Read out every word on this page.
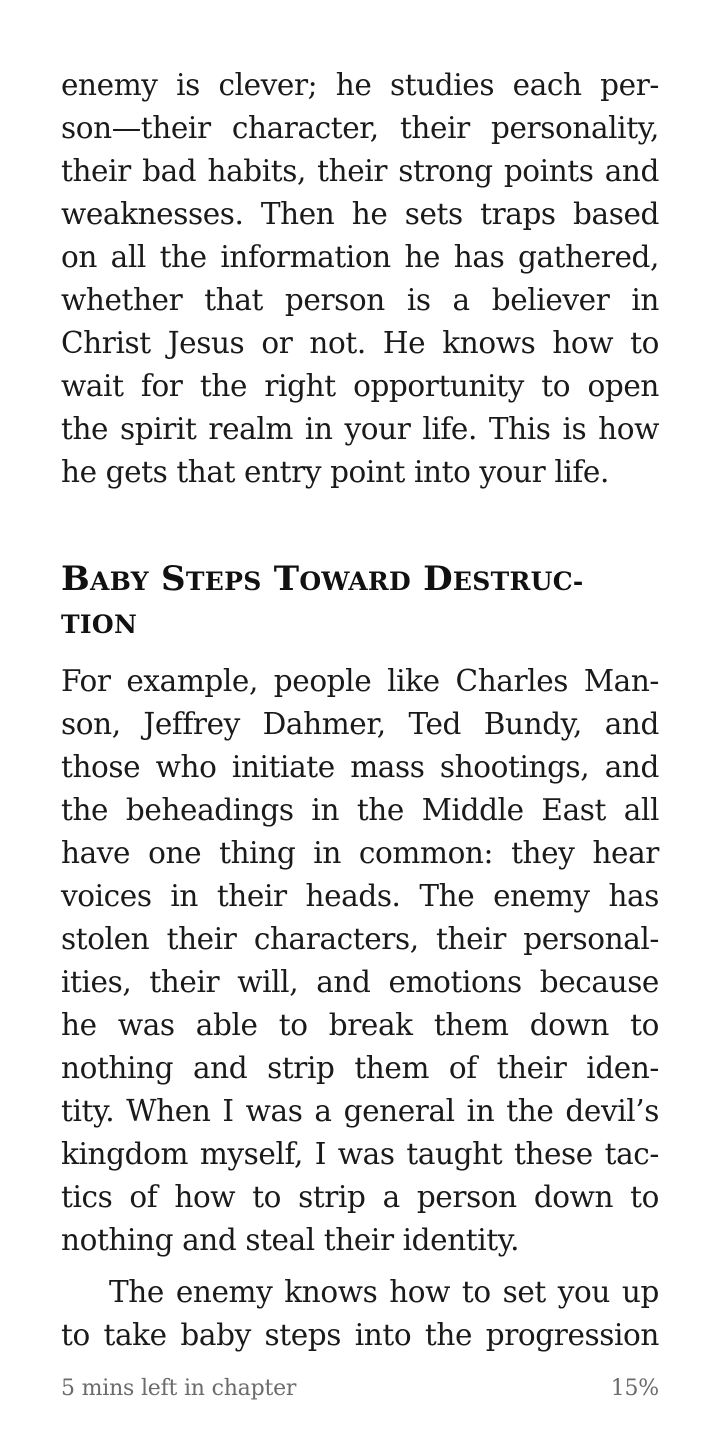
enemy is clever; he studies each per-
son—their character, their personality,
their bad habits, their strong points and
weaknesses. Then he sets traps based
on all the information he has gathered,
whether that person is a believer in
Christ Jesus or not. He knows how to
wait for the right opportunity to open
the spirit realm in your life. This is how
he gets that entry point into your life.
BABY STEPS TOWARD DESTRUC-
TION
For example, people like Charles Man-
son, Jeffrey Dahmer, Ted Bundy, and
those who initiate mass shootings, and
the beheadings in the Middle East all
have one thing in common: they hear
voices in their heads. The enemy has
stolen their characters, their personal-
ities, their will, and emotions because
he was able to break them down to
nothing and strip them of their iden-
tity. When I was a general in the devil’s
kingdom myself, I was taught these tac-
tics of how to strip a person down to
nothing and steal their identity.
The enemy knows how to set you up
to take baby steps into the progression
5 mins left in chapter	15%
